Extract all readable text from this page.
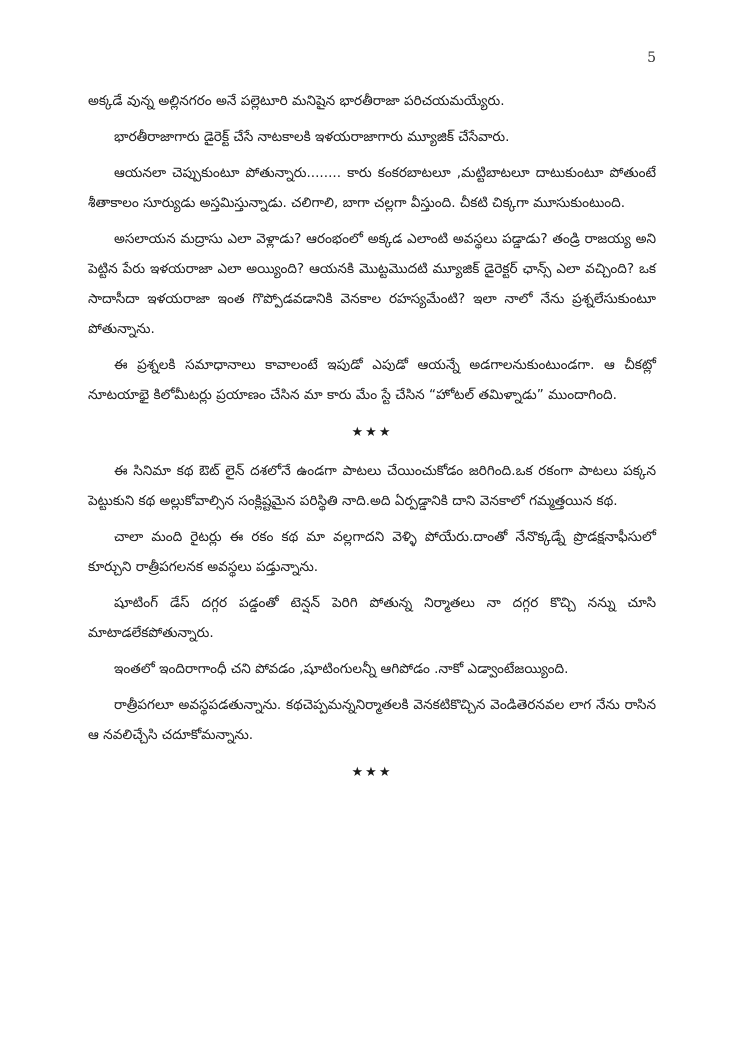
5

అక్కడే వున్న అల్లినగరం అనే పల్లెటూరి మనిషైన భారతీరాజా పరిచయమయ్యేరు.

భారతీరాజాగారు డైరెక్ట్ చేసే నాటకాలకి ఇళయరాజాగారు మ్యూజిక్ చేసేవారు.

ఆయనలా చెప్పుకుంటూ పోతున్నారు........ కారు కంకరబాటలూ ,మట్టిబాటలూ దాటుకుంటూ పోతుంటే శీతాకాలం సూర్యుడు అస్తమిస్తున్నాడు. చలిగాలి, బాగా చల్లగా వీస్తుంది. చీకటి చిక్కగా మూసుకుంటుంది.

అసలాయన మద్రాసు ఎలా వెళ్లాడు? ఆరంభంలో అక్కడ ఎలాంటి అవస్థలు పడ్డాడు? తండ్రి రాజయ్య అని పెట్టిన పేరు ఇళయరాజా ఎలా అయ్యింది? ఆయనకి మొట్టమొదటి మ్యూజిక్ డైరెక్టర్ ఛాన్స్ ఎలా వచ్చింది? ఒక సాదాసీదా ఇళయరాజా ఇంత గొప్పోడవడానికి వెనకాల రహస్యమేంటి? ఇలా నాలో నేను ప్రశ్నలేసుకుంటూ పోతున్నాను.

ఈ ప్రశ్నలకి సమాధానాలు కావాలంటే ఇపుడో ఎపుడో ఆయన్నే అడగాలనుకుంటుండగా. ఆ చీకట్లో నూటయాభై కిలోమీటర్లు ప్రయాణం చేసిన మా కారు మేం స్టే చేసిన “హోటల్ తమిళ్నాడు” ముందాగింది.

★★★

ఈ సినిమా కథ ఔట్ లైన్ దశలోనే ఉండగా పాటలు చేయించుకోడం జరిగింది.ఒక రకంగా పాటలు పక్కన పెట్టుకుని కథ అల్లుకోవాల్సిన సంక్లిష్టమైన పరిస్థితి నాది.అది ఏర్పడ్డానికి దాని వెనకాలో గమ్మత్తయిన కథ.

చాలా మంది రైటర్లు ఈ రకం కథ మా వల్లగాదని వెళ్ళి పోయేరు.దాంతో నేనొక్కడ్నే ప్రొడక్షనాఫీసులో కూర్చుని రాత్రీపగలనక అవస్థలు పడ్తున్నాను.

షూటింగ్ డేస్ దగ్గర పడ్డంతో టెన్షన్ పెరిగి పోతున్న నిర్మాతలు నా దగ్గర కొచ్చి నన్ను చూసి మాటాడలేకపోతున్నారు.

ఇంతలో ఇందిరాగాంధీ చని పోవడం ,షూటింగులన్నీ ఆగిపోడం .నాకో ఎడ్వాంటేజయ్యింది.

రాత్రీపగలూ అవస్థపడతున్నాను. కథచెప్పమన్ననిర్మాతలకి వెనకటికొచ్చిన వెండితెరనవల లాగ నేను రాసిన ఆ నవలిచ్చేసి చదూకోమన్నాను.

★★★
